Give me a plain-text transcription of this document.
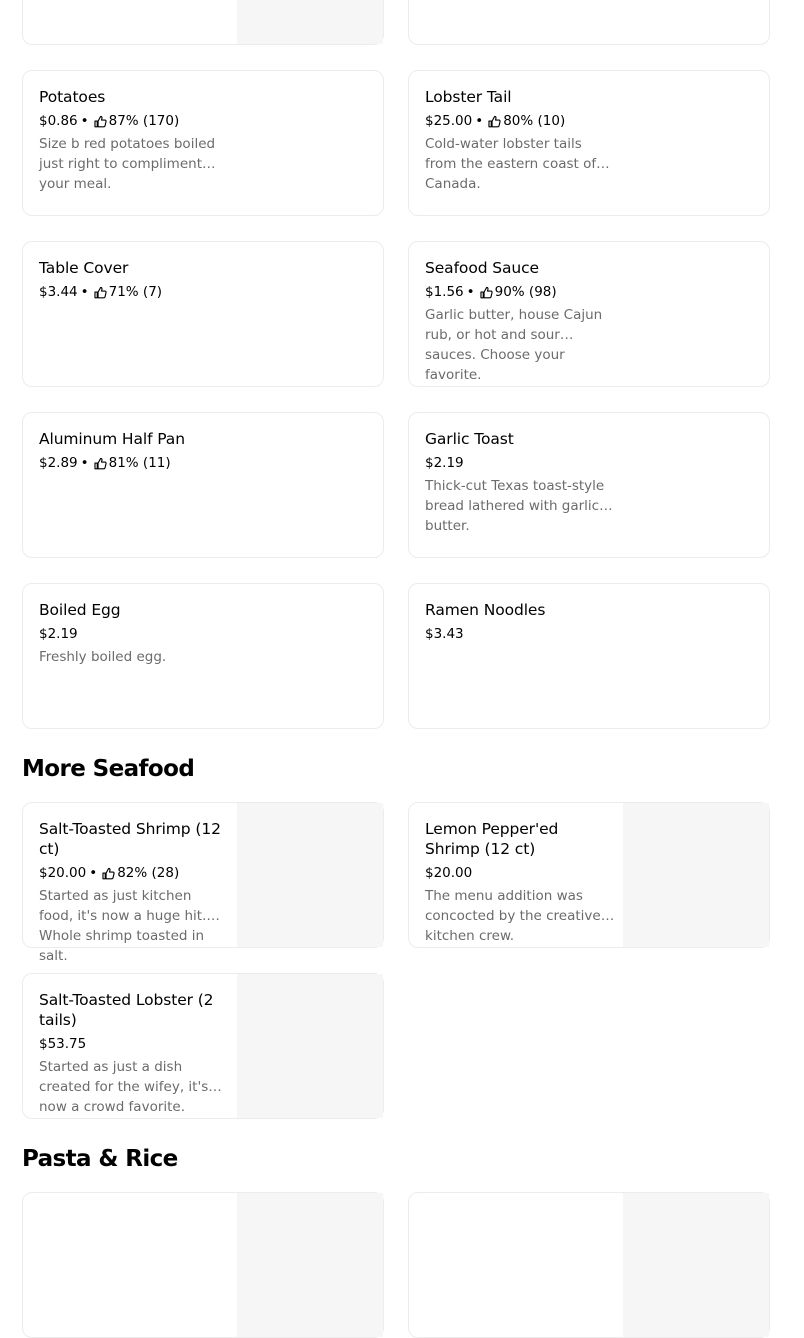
Potatoes

$0.86 • 87% (170)
Size b red potatoes boiled just right to compliment your meal.

Lobster Tail

$25.00 • 80% (10)
Cold-water lobster tails from the eastern coast of Canada.

Table Cover

$3.44 • 71% (7)

Seafood Sauce

$1.56 • 90% (98)
Garlic butter, house Cajun rub, or hot and sour sauces. Choose your favorite.

Aluminum Half Pan

$2.89 • 81% (11)

Garlic Toast

$2.19
Thick-cut Texas toast-style bread lathered with garlic butter.

Boiled Egg

$2.19
Freshly boiled egg.

Ramen Noodles

$3.43
More Seafood

Salt-Toasted Shrimp (12 ct)

$20.00 • 82% (28)
Started as just kitchen food, it's now a huge hit. Whole shrimp toasted in salt.

Lemon Pepper'ed Shrimp (12 ct)

$20.00
The menu addition was concocted by the creative kitchen crew.

Salt-Toasted Lobster (2 tails)

$53.75
Started as just a dish created for the wifey, it's now a crowd favorite.
Pasta & Rice
